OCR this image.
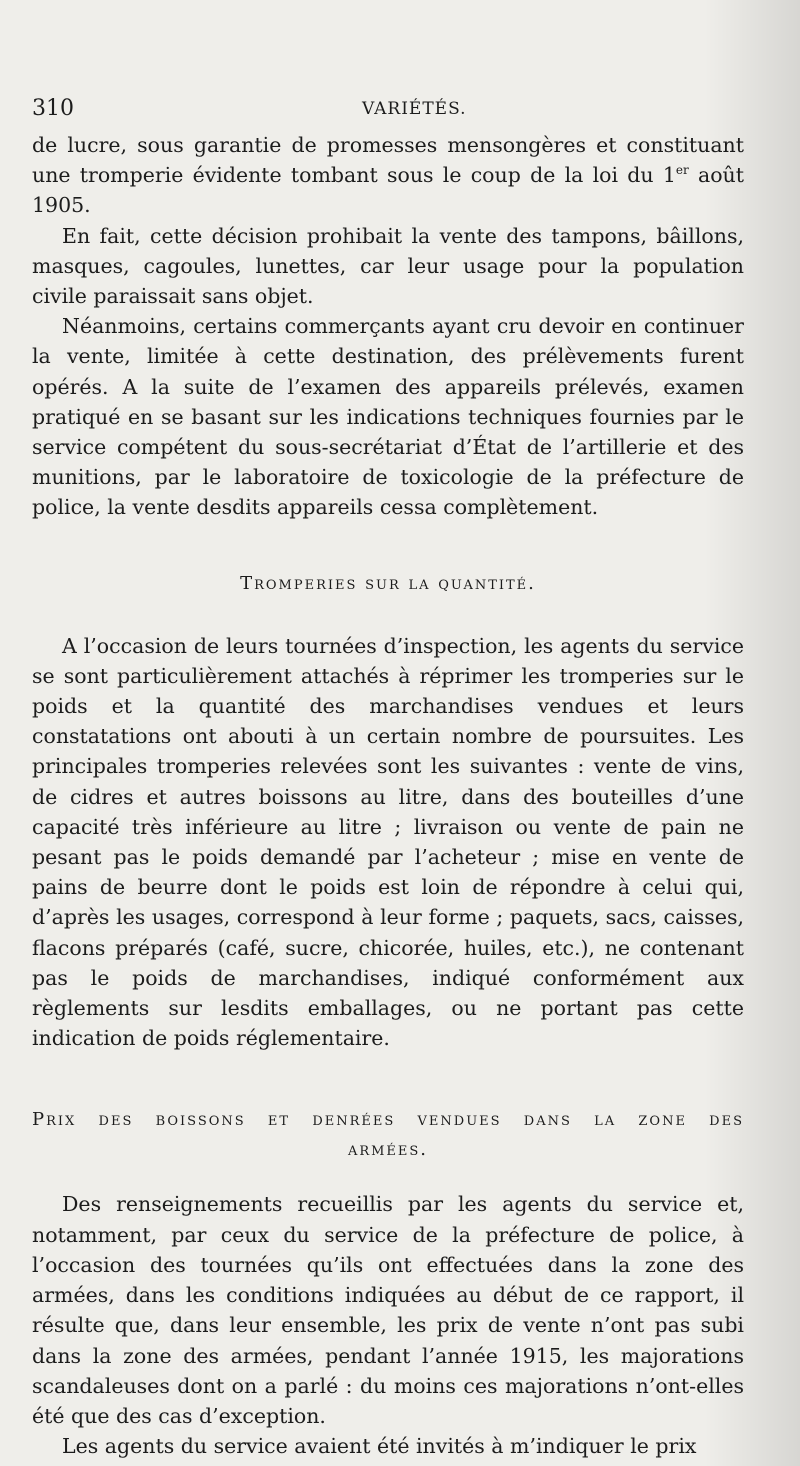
310	VARIÉTÉS.

de lucre, sous garantie de promesses mensongères et constituant une tromperie évidente tombant sous le coup de la loi du 1er août 1905.

En fait, cette décision prohibait la vente des tampons, bâillons, masques, cagoules, lunettes, car leur usage pour la population civile paraissait sans objet.

Néanmoins, certains commerçants ayant cru devoir en continuer la vente, limitée à cette destination, des prélèvements furent opérés. A la suite de l’examen des appareils prélevés, examen pratiqué en se basant sur les indications techniques fournies par le service compétent du sous-secrétariat d’État de l’artillerie et des munitions, par le laboratoire de toxicologie de la préfecture de police, la vente desdits appareils cessa complètement.

Tromperies sur la quantité.

A l’occasion de leurs tournées d’inspection, les agents du service se sont particulièrement attachés à réprimer les tromperies sur le poids et la quantité des marchandises vendues et leurs constatations ont abouti à un certain nombre de poursuites. Les principales tromperies relevées sont les suivantes : vente de vins, de cidres et autres boissons au litre, dans des bouteilles d’une capacité très inférieure au litre ; livraison ou vente de pain ne pesant pas le poids demandé par l’acheteur ; mise en vente de pains de beurre dont le poids est loin de répondre à celui qui, d’après les usages, correspond à leur forme ; paquets, sacs, caisses, flacons préparés (café, sucre, chicorée, huiles, etc.), ne contenant pas le poids de marchandises, indiqué conformément aux règlements sur lesdits emballages, ou ne portant pas cette indication de poids réglementaire.

Prix des boissons et denrées vendues dans la zone des
armées.

Des renseignements recueillis par les agents du service et, notamment, par ceux du service de la préfecture de police, à l’occasion des tournées qu’ils ont effectuées dans la zone des armées, dans les conditions indiquées au début de ce rapport, il résulte que, dans leur ensemble, les prix de vente n’ont pas subi dans la zone des armées, pendant l’année 1915, les majorations scandaleuses dont on a parlé : du moins ces majorations n’ont-elles été que des cas d’exception.

Les agents du service avaient été invités à m’indiquer le prix
